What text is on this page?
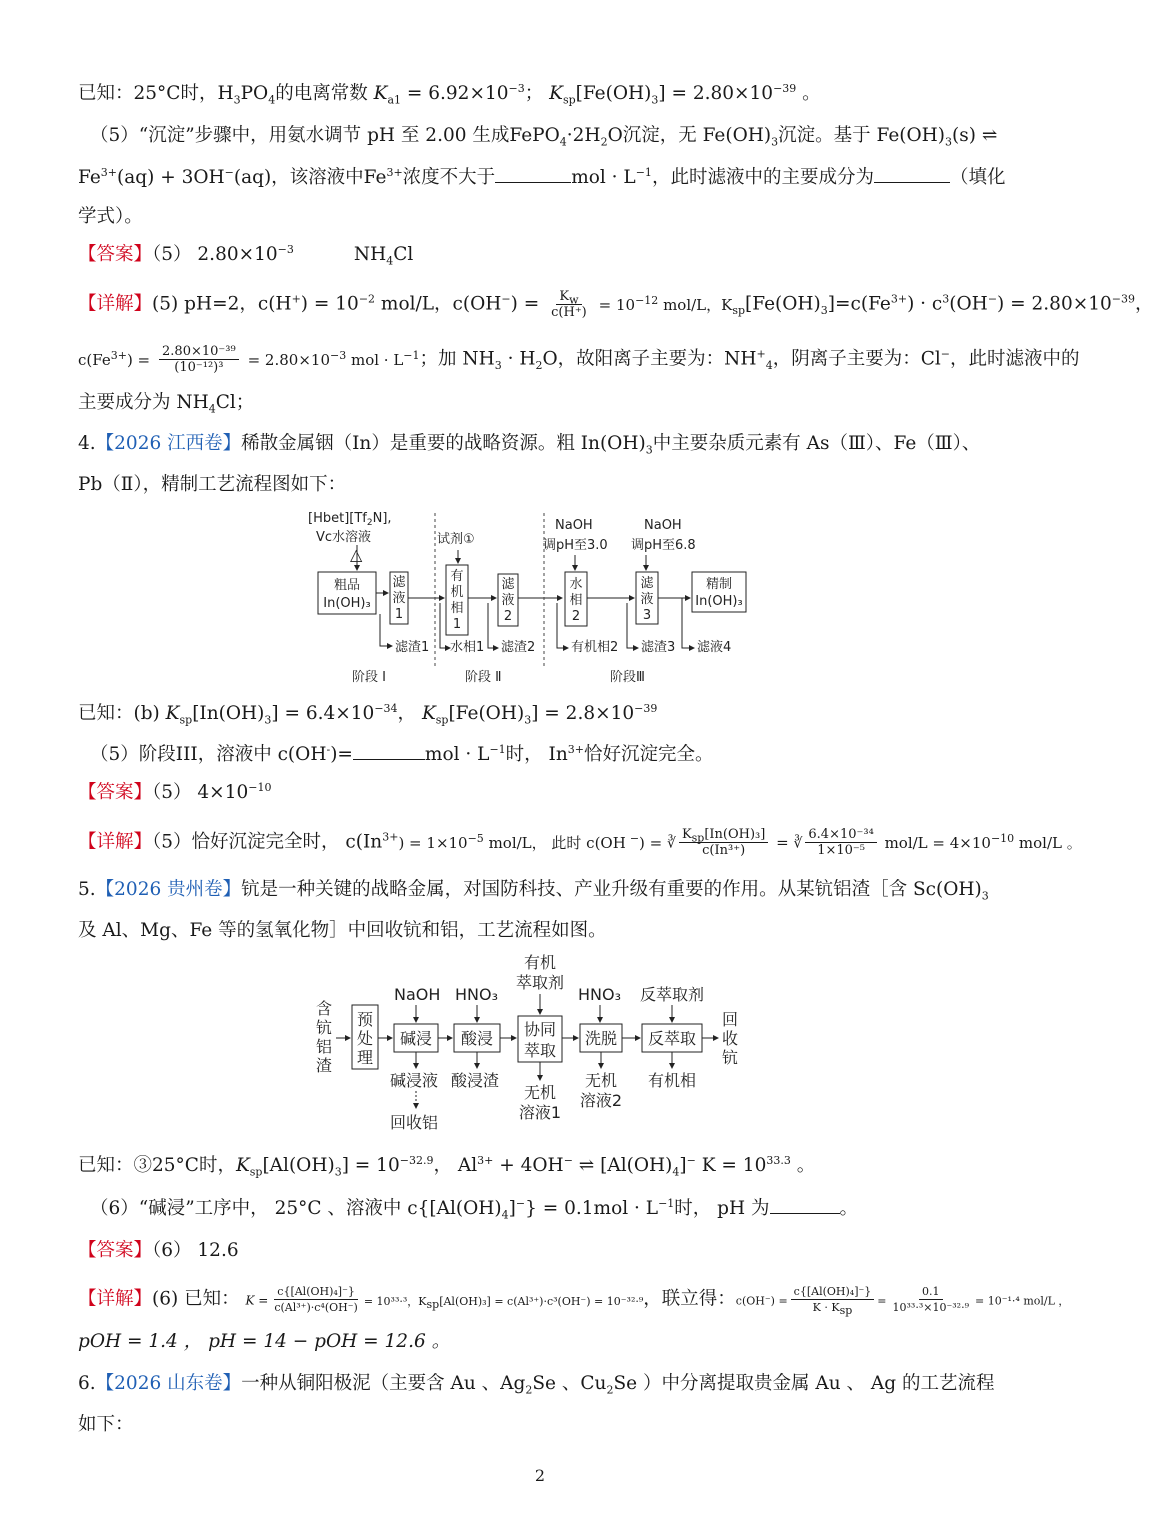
已知：25°C时，$H_3PO_4$的电离常数 $K_{a1} = 6.92\times 10^{-3}$； $K_{sp}[Fe(OH)_3] = 2.80\times 10^{-39}$ 。
（5）“沉淀”步骤中，用氨水调节 pH 至 2.00 生成$FePO_4\cdot 2H_2O$沉淀，无 $Fe(OH)_3$沉淀。基于 $Fe(OH)_3(s)$ ⇌
$Fe^{3+}(aq) + 3OH^-(aq)$，该溶液中$Fe^{3+}$浓度不大于	mol · $L^{-1}$，此时滤液中的主要成分为	（填化
学式）。
【答案】（5） $2.80\times 10^{-3}$	$NH_4Cl$
【详解】(5) pH=2，$c(H^+) = 10^{-2}$ mol/L，$c(OH^-) = \frac{K_w}{c(H^+)} = 10^{-12}$ mol/L，$K_{sp}[Fe(OH)_3]=c(Fe^{3+}) \cdot c^3(OH^-) = 2.80\times 10^{-39}$，
$c(Fe^{3+}) = \frac{\text{2.80×10⁻³⁹}}{\text{(10⁻¹²)³}} = 2.80\times 10^{-3}$ mol · $L^{-1}$；加 $NH_3 \cdot H_2O$，故阳离子主要为：$NH^+_4$，阴离子主要为：Cl−，此时滤液中的
主要成分为 $NH_4Cl$；
4.【2026 江西卷】稀散金属铟（In）是重要的战略资源。粗 $In(OH)_3$中主要杂质元素有 As（Ⅲ）、Fe（Ⅲ）、
Pb（Ⅱ），精制工艺流程图如下：
$[Hbet][Tf_2N]$,
Vc水溶液
△
粗品
In(OH)₃
滤
液
1
滤渣1
试剂①
有
机
相
1
水相1
滤
液
2
滤渣2
NaOH
调pH至3.0
水
相
2
有机相2
NaOH
调pH至6.8
滤
液
3
滤渣3 滤液4
精制
In(OH)₃
阶段 Ⅰ	阶段 Ⅱ	阶段Ⅲ
已知：(b) $K_{sp}[In(OH)_3] = 6.4\times 10^{-34}$， $K_{sp}[Fe(OH)_3] = 2.8\times 10^{-39}$
（5）阶段III，溶液中 c(OH-)=	mol · $L^{-1}$时， $In^{3+}$恰好沉淀完全。
【答案】（5） $4\times 10^{-10}$
【详解】（5）恰好沉淀完全时， $c(In^{3+}) = 1\times 10^{-5}$ mol/L， 此时 c(OH −) = ∛ $\frac{K_{sp}[In(OH)_3]}{\text{c(In³⁺)}}$ = ∛ $\frac{\text{6.4×10⁻³⁴}}{\text{1×10⁻⁵}} mol/L = 4\times 10^{-10}$ mol/L 。
5.【2026 贵州卷】钪是一种关键的战略金属，对国防科技、产业升级有重要的作用。从某钪铝渣［含 $Sc(OH)_3$
及 Al、Mg、Fe 等的氢氧化物］中回收钪和铝，工艺流程如图。
含
钪
铝
渣
预
处
理
NaOH
碱浸
碱浸液
回收铝
HNO₃
酸浸
酸浸渣
有机
萃取剂
协同
萃取
无机
溶液1
HNO₃
洗脱
无机
溶液2
反萃取剂
反萃取
有机相
回
收
钪
已知：③25°C时，$K_{sp}[Al(OH)_3] = 10^{-32.9}$， $Al^{3+} + 4OH^-$ ⇌ $[Al(OH)_4]^-$ $K = 10^{33.3}$ 。
（6）“碱浸”工序中， 25°C 、溶液中 $c\{[Al(OH)_4]^-\} = 0.1mol \cdot L^{-1}$时， pH 为	。
【答案】（6） 12.6
【详解】(6) 已知： $K = \frac{\text{c\{[Al(OH)₄]⁻\}}}{\text{c(Al³⁺)·c⁴(OH⁻)}} = 10^{33}\cdot^3$，$K_{sp}[Al(OH)_3] = c(Al^{3+})\cdot c^3(OH^-) = 10^{-32}\cdot^9$，联立得：$c(OH^-) = \frac{\text{c\{[Al(OH)₄]⁻\}}}{K \cdot K_{sp}} = \frac{0.1}{\text{10³³·³×10⁻³²·⁹}} = 10^{-1}\cdot^4$ mol/L ，
pOH = 1.4 ， pH = 14 − pOH = 12.6 。
6.【2026 山东卷】一种从铜阳极泥（主要含 Au 、$Ag_2Se$ 、$Cu_2Se$ ）中分离提取贵金属 Au 、 Ag 的工艺流程
如下：
2
